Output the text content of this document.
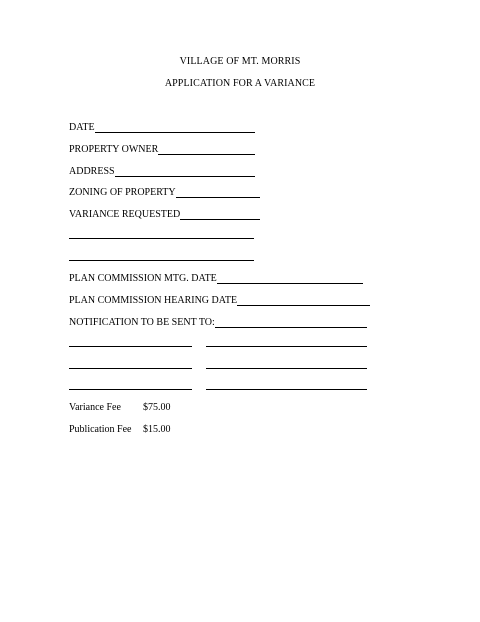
VILLAGE OF MT. MORRIS
APPLICATION FOR A VARIANCE
DATE
PROPERTY OWNER
ADDRESS
ZONING OF PROPERTY
VARIANCE REQUESTED
PLAN COMMISSION MTG. DATE
PLAN COMMISSION HEARING DATE
NOTIFICATION TO BE SENT TO:
Variance Fee $75.00
Publication Fee $15.00
